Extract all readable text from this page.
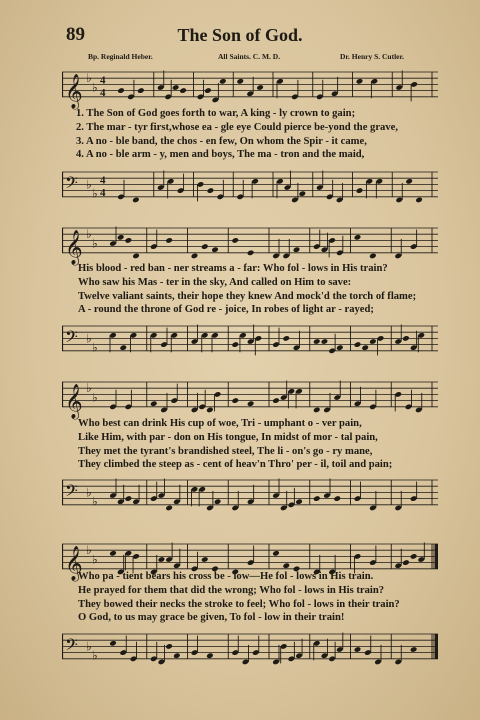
89	The Son of God.
Bp. Reginald Heber.	All Saints. C. M. D.	Dr. Henry S. Cutler.
𝄞 ♭
♭
4
4
1. The Son of God goes forth to war, A king - ly crown to gain;
2. The mar - tyr first,whose ea - gle eye Could pierce be-yond the grave,
3. A no - ble band, the chos - en few, On whom the Spir - it came,
4. A no - ble arm - y, men and boys, The ma - tron and the maid,
𝄢 ♭
♭
4
4
𝄞 ♭
♭
His blood - red ban - ner streams a - far: Who fol - lows in His train?
Who saw his Mas - ter in the sky, And called on Him to save:
Twelve valiant saints, their hope they knew And mock'd the torch of flame;
A - round the throne of God re - joice, In robes of light ar - rayed;
𝄢 ♭
♭
𝄞 ♭
♭
Who best can drink His cup of woe, Tri - umphant o - ver pain,
Like Him, with par - don on His tongue, In midst of mor - tal pain,
They met the tyrant's brandished steel, The li - on's go - ry mane,
They climbed the steep as - cent of heav'n Thro' per - il, toil and pain;
𝄢 ♭
♭
𝄞 ♭
♭
Who pa - tient bears his cross be - low—He fol - lows in His train.
He prayed for them that did the wrong; Who fol - lows in His train?
They bowed their necks the stroke to feel; Who fol - lows in their train?
O God, to us may grace be given, To fol - low in their train!
𝄢 ♭
♭
